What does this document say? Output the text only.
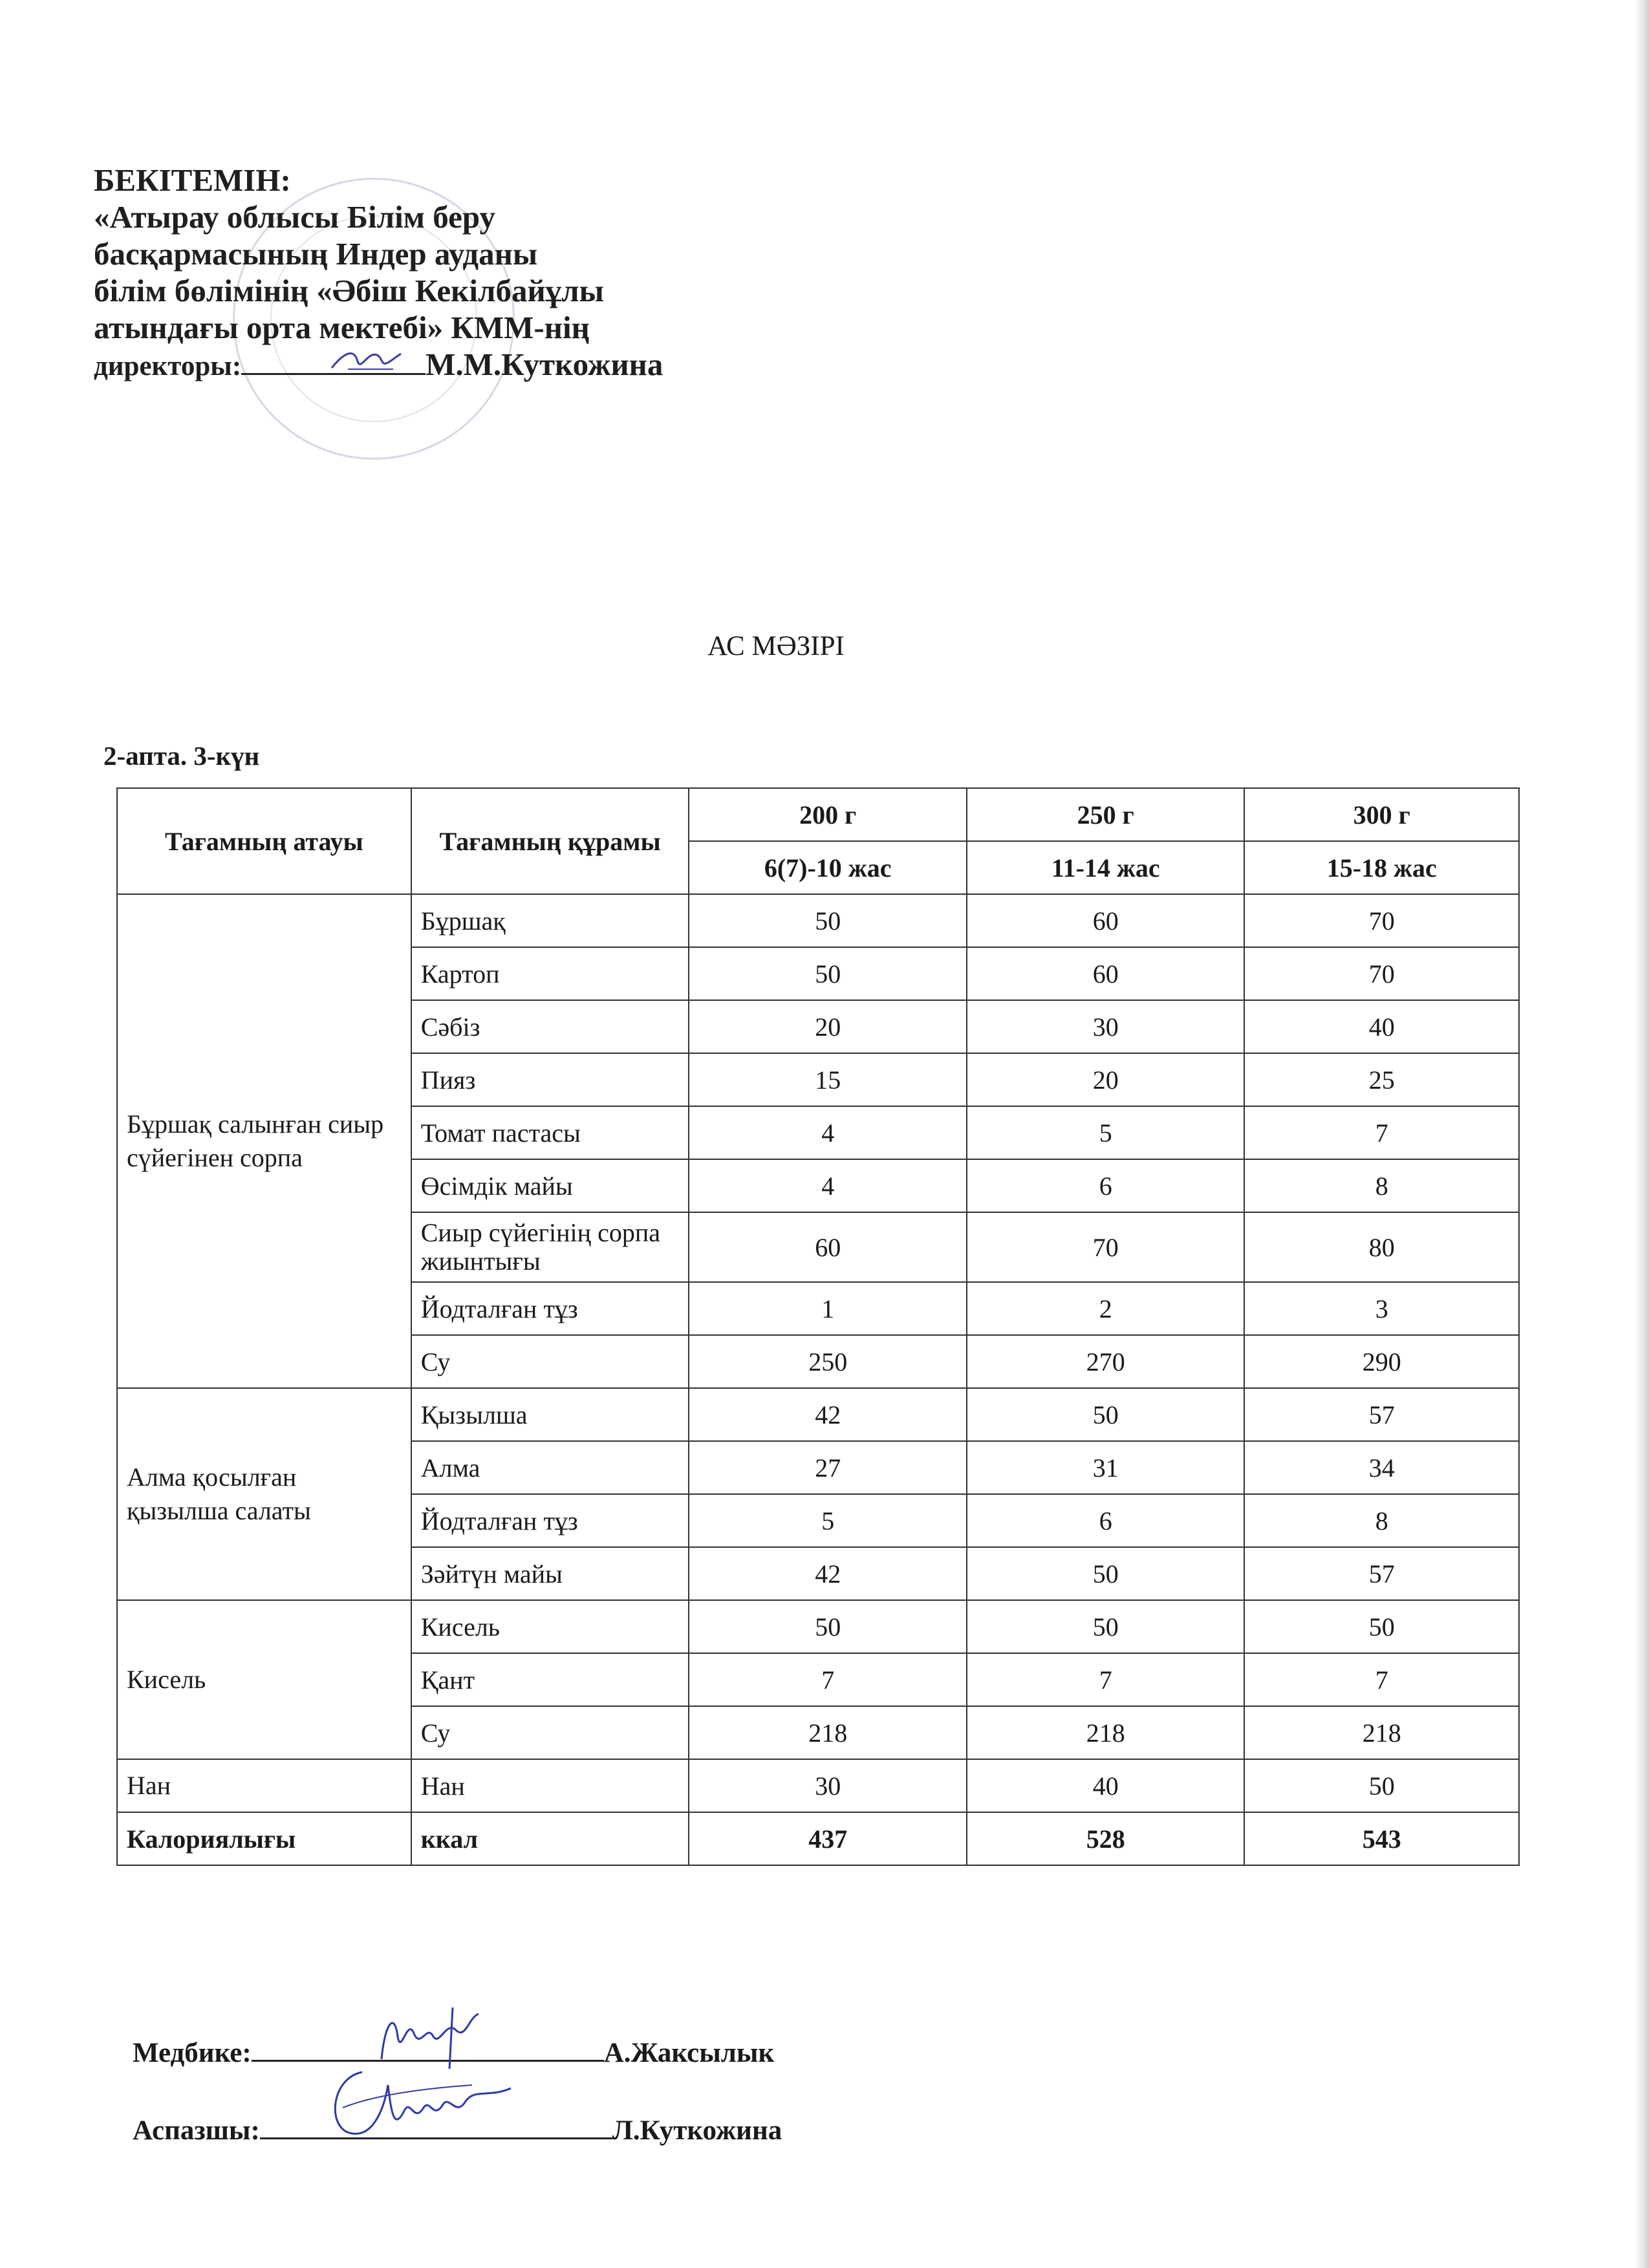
БЕКІТЕМІН:
«Атырау облысы Білім беру
басқармасының Индер ауданы
білім бөлімінің «Әбіш Кекілбайұлы
атындағы орта мектебі» КММ-нің
директоры:	М.М.Куткожина
АС МӘЗІРІ
2-апта. 3-күн
Тағамның атауы	Тағамның құрамы	200 г	250 г	300 г
		6(7)-10 жас	11-14 жас	15-18 жас
Бұршақ салынған сиыр сүйегінен сорпа	Бұршақ	50	60	70
	Картоп	50	60	70
	Сәбіз	20	30	40
	Пияз	15	20	25
	Томат пастасы	4	5	7
	Өсімдік майы	4	6	8
	Сиыр сүйегінің сорпа жиынтығы	60	70	80
	Йодталған тұз	1	2	3
	Су	250	270	290
Алма қосылған қызылша салаты	Қызылша	42	50	57
	Алма	27	31	34
	Йодталған тұз	5	6	8
	Зәйтүн майы	42	50	57
Кисель	Кисель	50	50	50
	Қант	7	7	7
	Су	218	218	218
Нан	Нан	30	40	50
Калориялығы	ккал	437	528	543
Медбике:	А.Жаксылык
Аспазшы:	Л.Куткожина
